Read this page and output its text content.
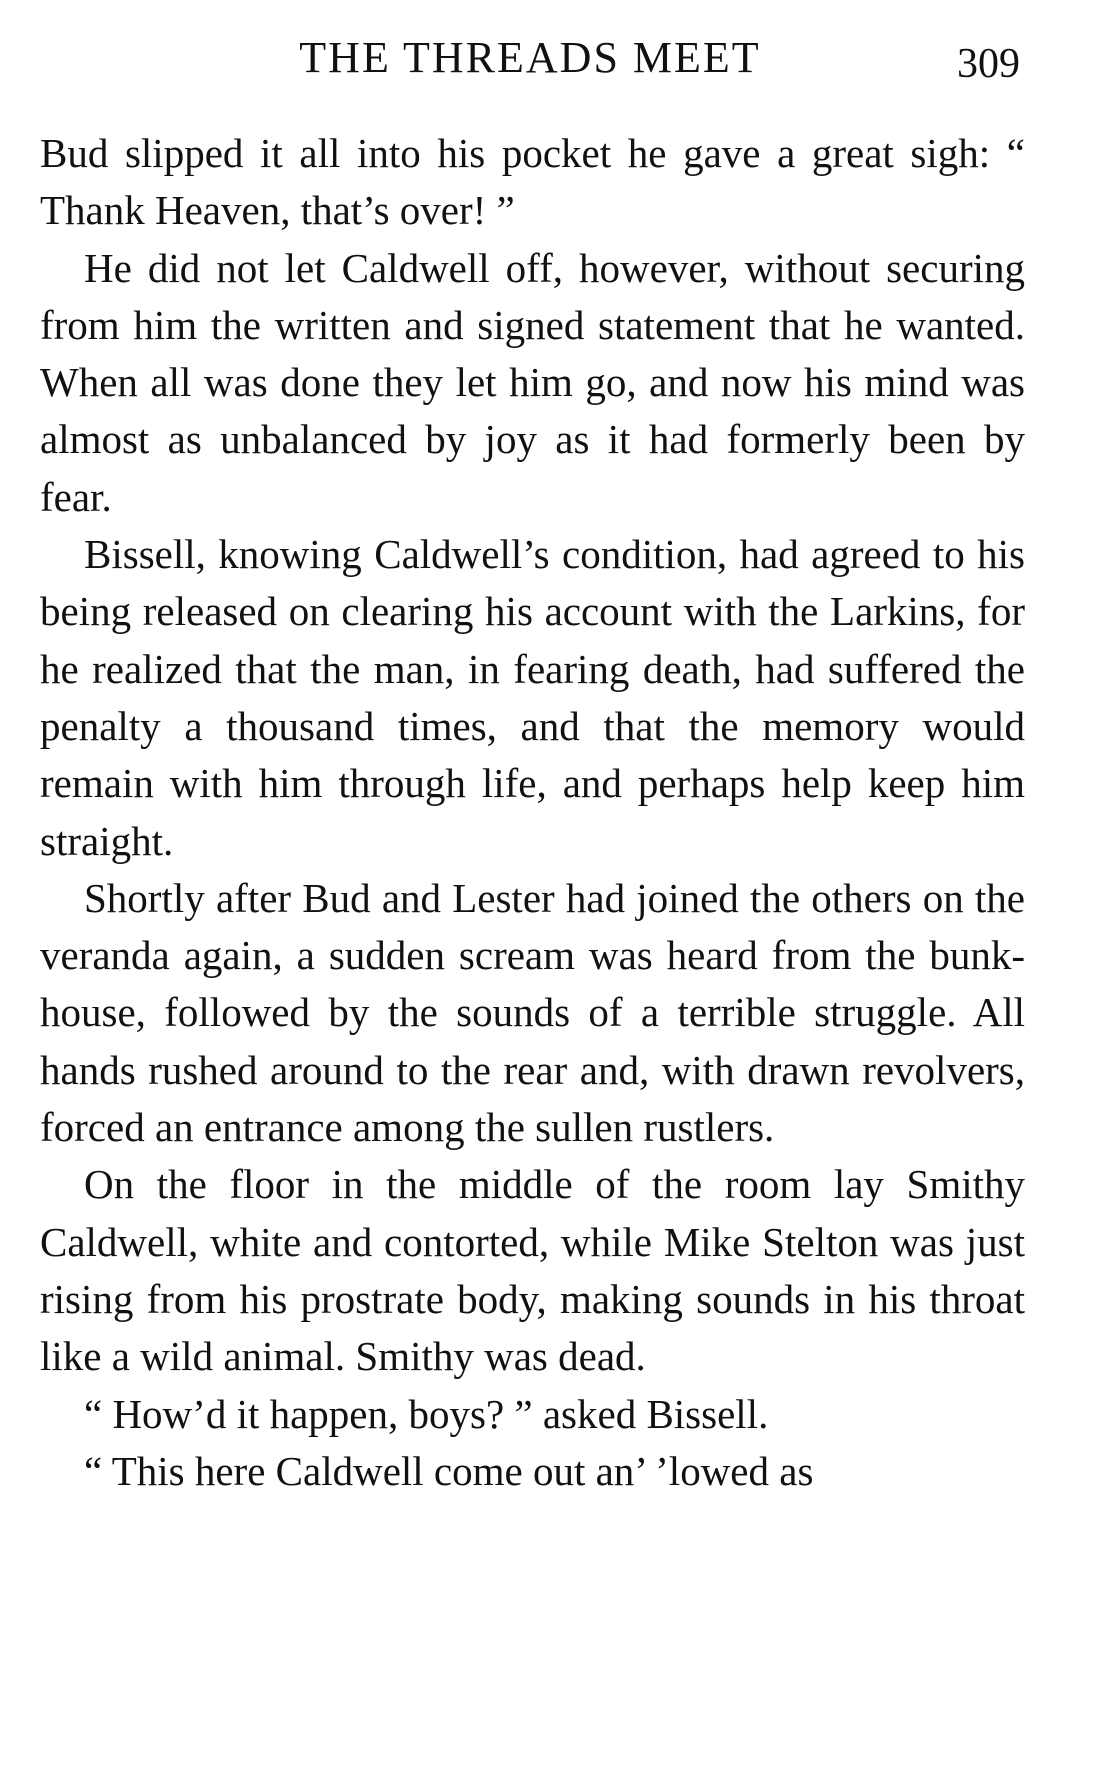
THE THREADS MEET	309

Bud slipped it all into his pocket he gave a great sigh: “ Thank Heaven, that’s over! ”

He did not let Caldwell off, however, without securing from him the written and signed statement that he wanted. When all was done they let him go, and now his mind was almost as unbalanced by joy as it had formerly been by fear.

Bissell, knowing Caldwell’s condition, had agreed to his being released on clearing his account with the Larkins, for he realized that the man, in fearing death, had suffered the penalty a thousand times, and that the memory would remain with him through life, and perhaps help keep him straight.

Shortly after Bud and Lester had joined the others on the veranda again, a sudden scream was heard from the bunk-house, followed by the sounds of a terrible struggle. All hands rushed around to the rear and, with drawn revolvers, forced an entrance among the sullen rustlers.

On the floor in the middle of the room lay Smithy Caldwell, white and contorted, while Mike Stelton was just rising from his prostrate body, making sounds in his throat like a wild animal. Smithy was dead.

“ How’d it happen, boys? ” asked Bissell.

“ This here Caldwell come out an’ ’lowed as
